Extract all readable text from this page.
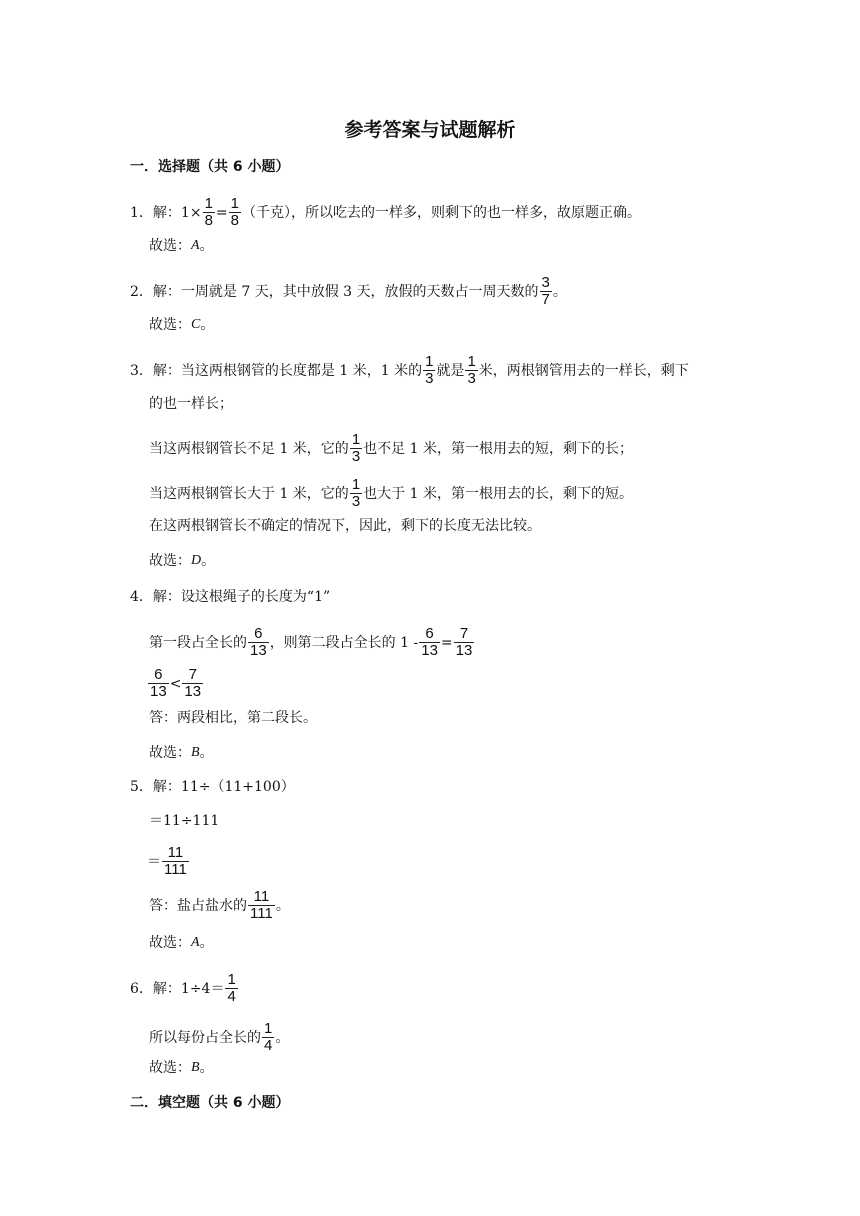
参考答案与试题解析
一．选择题（共 6 小题）
1． 解：$1\times \frac{1}{8} = \frac{1}{8}$ （千克），所以吃去的一样多，则剩下的也一样多，故原题正确。
故选： A 。
2． 解：一周就是 7 天，其中放假 3 天，放假的天数占一周天数的 $\frac{3}{7}$ 。
故选： C 。
3． 解：当这两根钢管的长度都是 1 米，1 米的 $\frac{1}{3}$ 就是 $\frac{1}{3}$ 米，两根钢管用去的一样长，剩下
的也一样长；
当这两根钢管长不足 1 米，它的 $\frac{1}{3}$ 也不足 1 米，第一根用去的短，剩下的长；
当这两根钢管长大于 1 米，它的 $\frac{1}{3}$ 也大于 1 米，第一根用去的长，剩下的短。
在这两根钢管长不确定的情况下，因此，剩下的长度无法比较。
故选： D 。
4． 解：设这根绳子的长度为“1”
第一段占全长的 $\frac{6}{13}$ ，则第二段占全长的 $1 - \frac{6}{13} = \frac{7}{13}$
$\frac{6}{13} < \frac{7}{13}$
答：两段相比，第二段长。
故选： B 。
5． 解：11÷（11+100）
＝11÷111
＝ $\frac{11}{111}$
答：盐占盐水的 $\frac{11}{111}$ 。
故选： A 。
6． 解：$1\div 4= \frac{1}{4}$
所以每份占全长的 $\frac{1}{4}$ 。
故选： B 。
二．填空题（共 6 小题）
